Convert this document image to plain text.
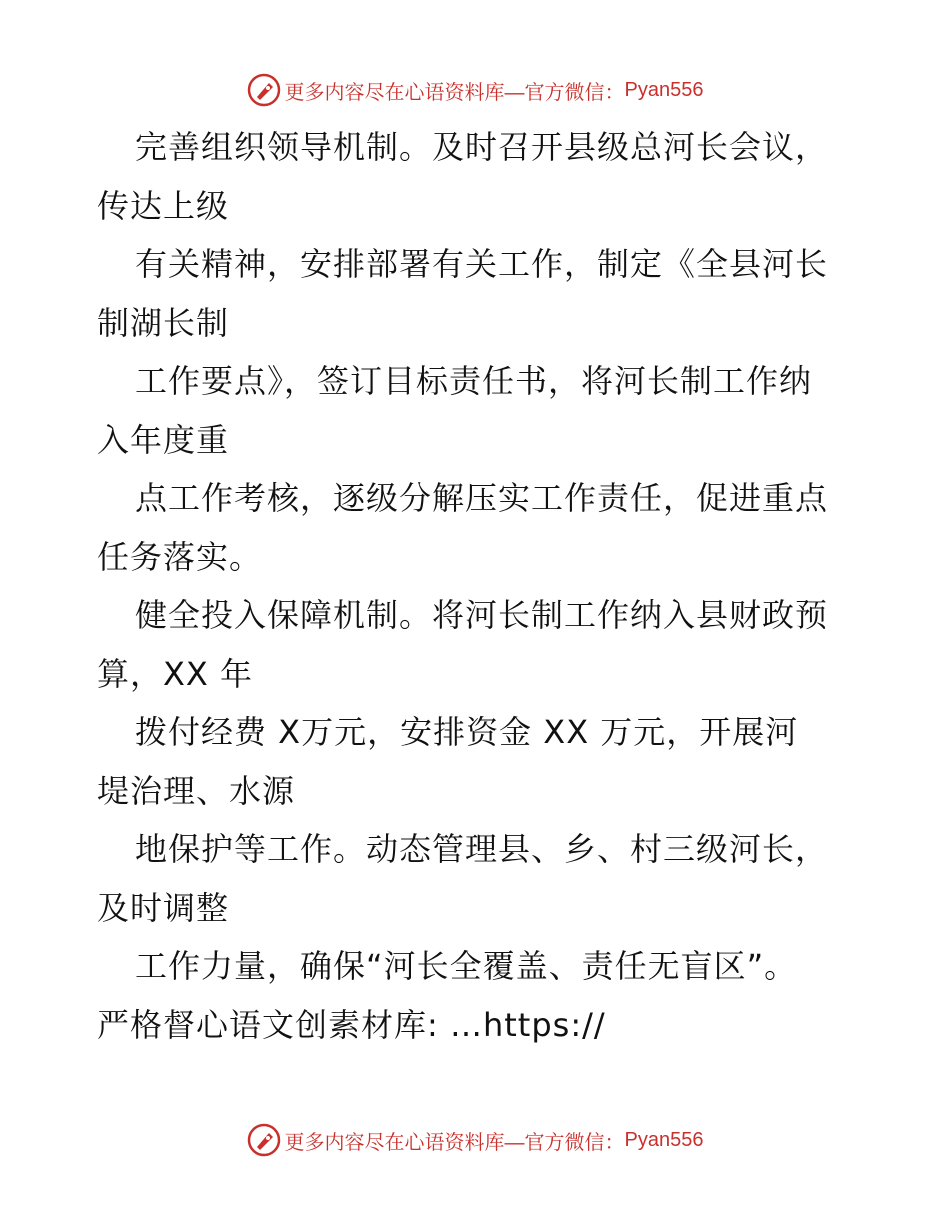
更多内容尽在心语资料库 —官方微信： Pyan556
完善组织领导机制。及时召开县级总河长会议，
传达上级
有关精神，安排部署有关工作，制定《全县河长
制湖长制
工作要点》，签订目标责任书，将河长制工作纳
入年度重
点工作考核，逐级分解压实工作责任，促进重点
任务落实。
健全投入保障机制。将河长制工作纳入县财政预
算，XX 年
拨付经费 X万元，安排资金 XX 万元，开展河
堤治理、水源
地保护等工作。动态管理县、乡、村三级河长，
及时调整
工作力量，确保“河长全覆盖、责任无盲区”。
严格督心语文创素材库: …https://
更多内容尽在心语资料库 —官方微信： Pyan556
